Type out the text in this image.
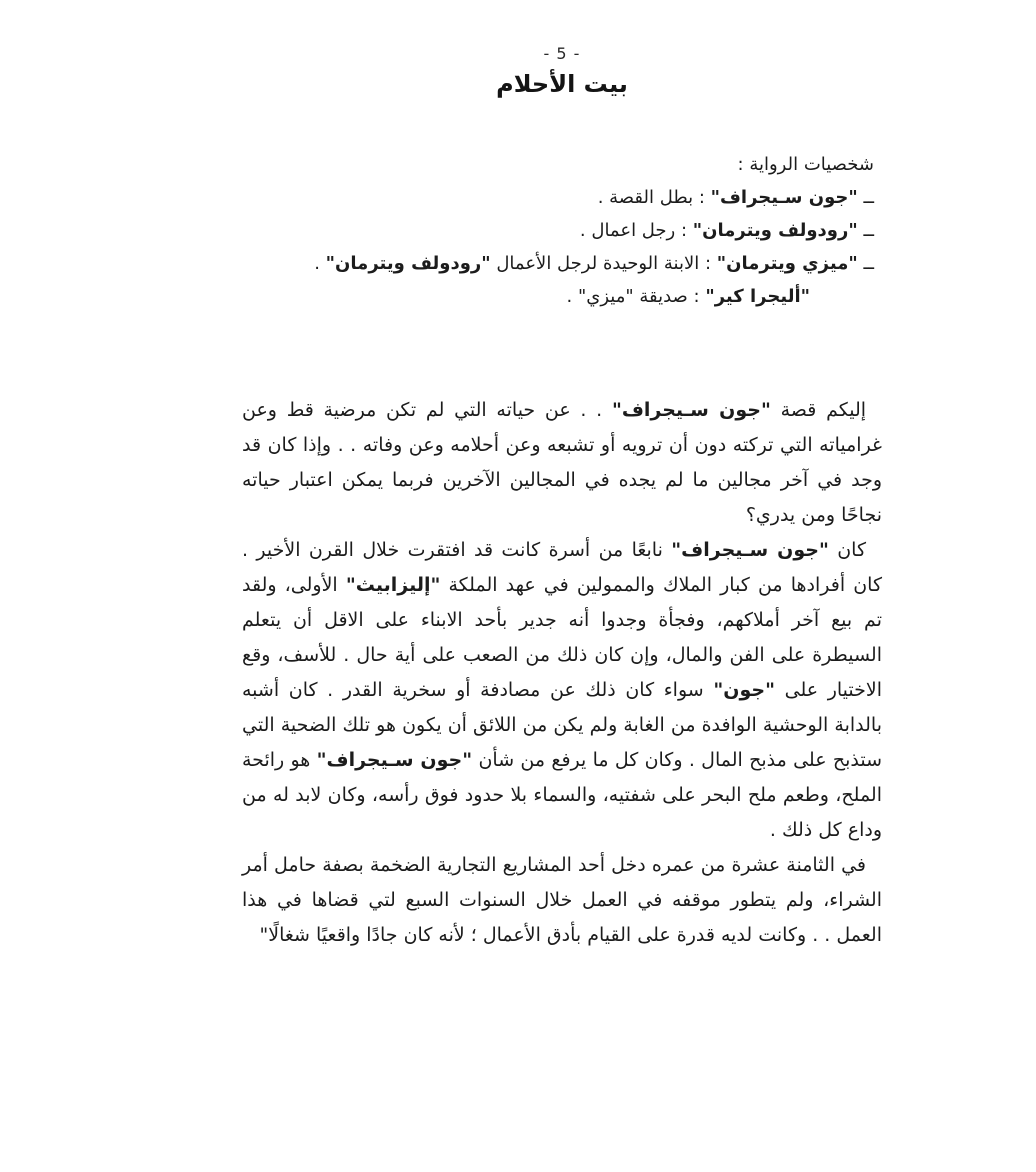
- 5 -
بيت الأحلام
شخصيات الرواية :
ــ "جون سـيجراف" : بطل القصة .
ــ "رودولف ويترمان" : رجل اعمال .
ــ "ميزي ويترمان" : الابنة الوحيدة لرجل الأعمال "رودولف ويترمان" .
"أليجرا كير" : صديقة "ميزي" .

إليكم قصة "جون سـيجراف" . . عن حياته التي لم تكن مرضية قط وعن غرامياته التي تركته دون أن ترويه أو تشبعه وعن أحلامه وعن وفاته . . وإذا كان قد وجد في آخر مجالين ما لم يجده في المجالين الآخرين فربما يمكن اعتبار حياته نجاحًا ومن يدري؟

كان "جون سـيجراف" نابعًا من أسرة كانت قد افتقرت خلال القرن الأخير . كان أفرادها من كبار الملاك والممولين في عهد الملكة "إليزابيث" الأولى، ولقد تم بيع آخر أملاكهم، وفجأة وجدوا أنه جدير بأحد الابناء على الاقل أن يتعلم السيطرة على الفن والمال، وإن كان ذلك من الصعب على أية حال . للأسف، وقع الاختيار على "جون" سواء كان ذلك عن مصادفة أو سخرية القدر . كان أشبه بالدابة الوحشية الوافدة من الغابة ولم يكن من اللائق أن يكون هو تلك الضحية التي ستذبح على مذبح المال . وكان كل ما يرفع من شأن "جون سـيجراف" هو رائحة الملح، وطعم ملح البحر على شفتيه، والسماء بلا حدود فوق رأسه، وكان لابد له من وداع كل ذلك .

في الثامنة عشرة من عمره دخل أحد المشاريع التجارية الضخمة بصفة حامل أمر الشراء، ولم يتطور موقفه في العمل خلال السنوات السبع لتي قضاها في هذا العمل . . وكانت لديه قدرة على القيام بأدق الأعمال ؛ لأنه كان جادًا واقعيًا شغالًا"
